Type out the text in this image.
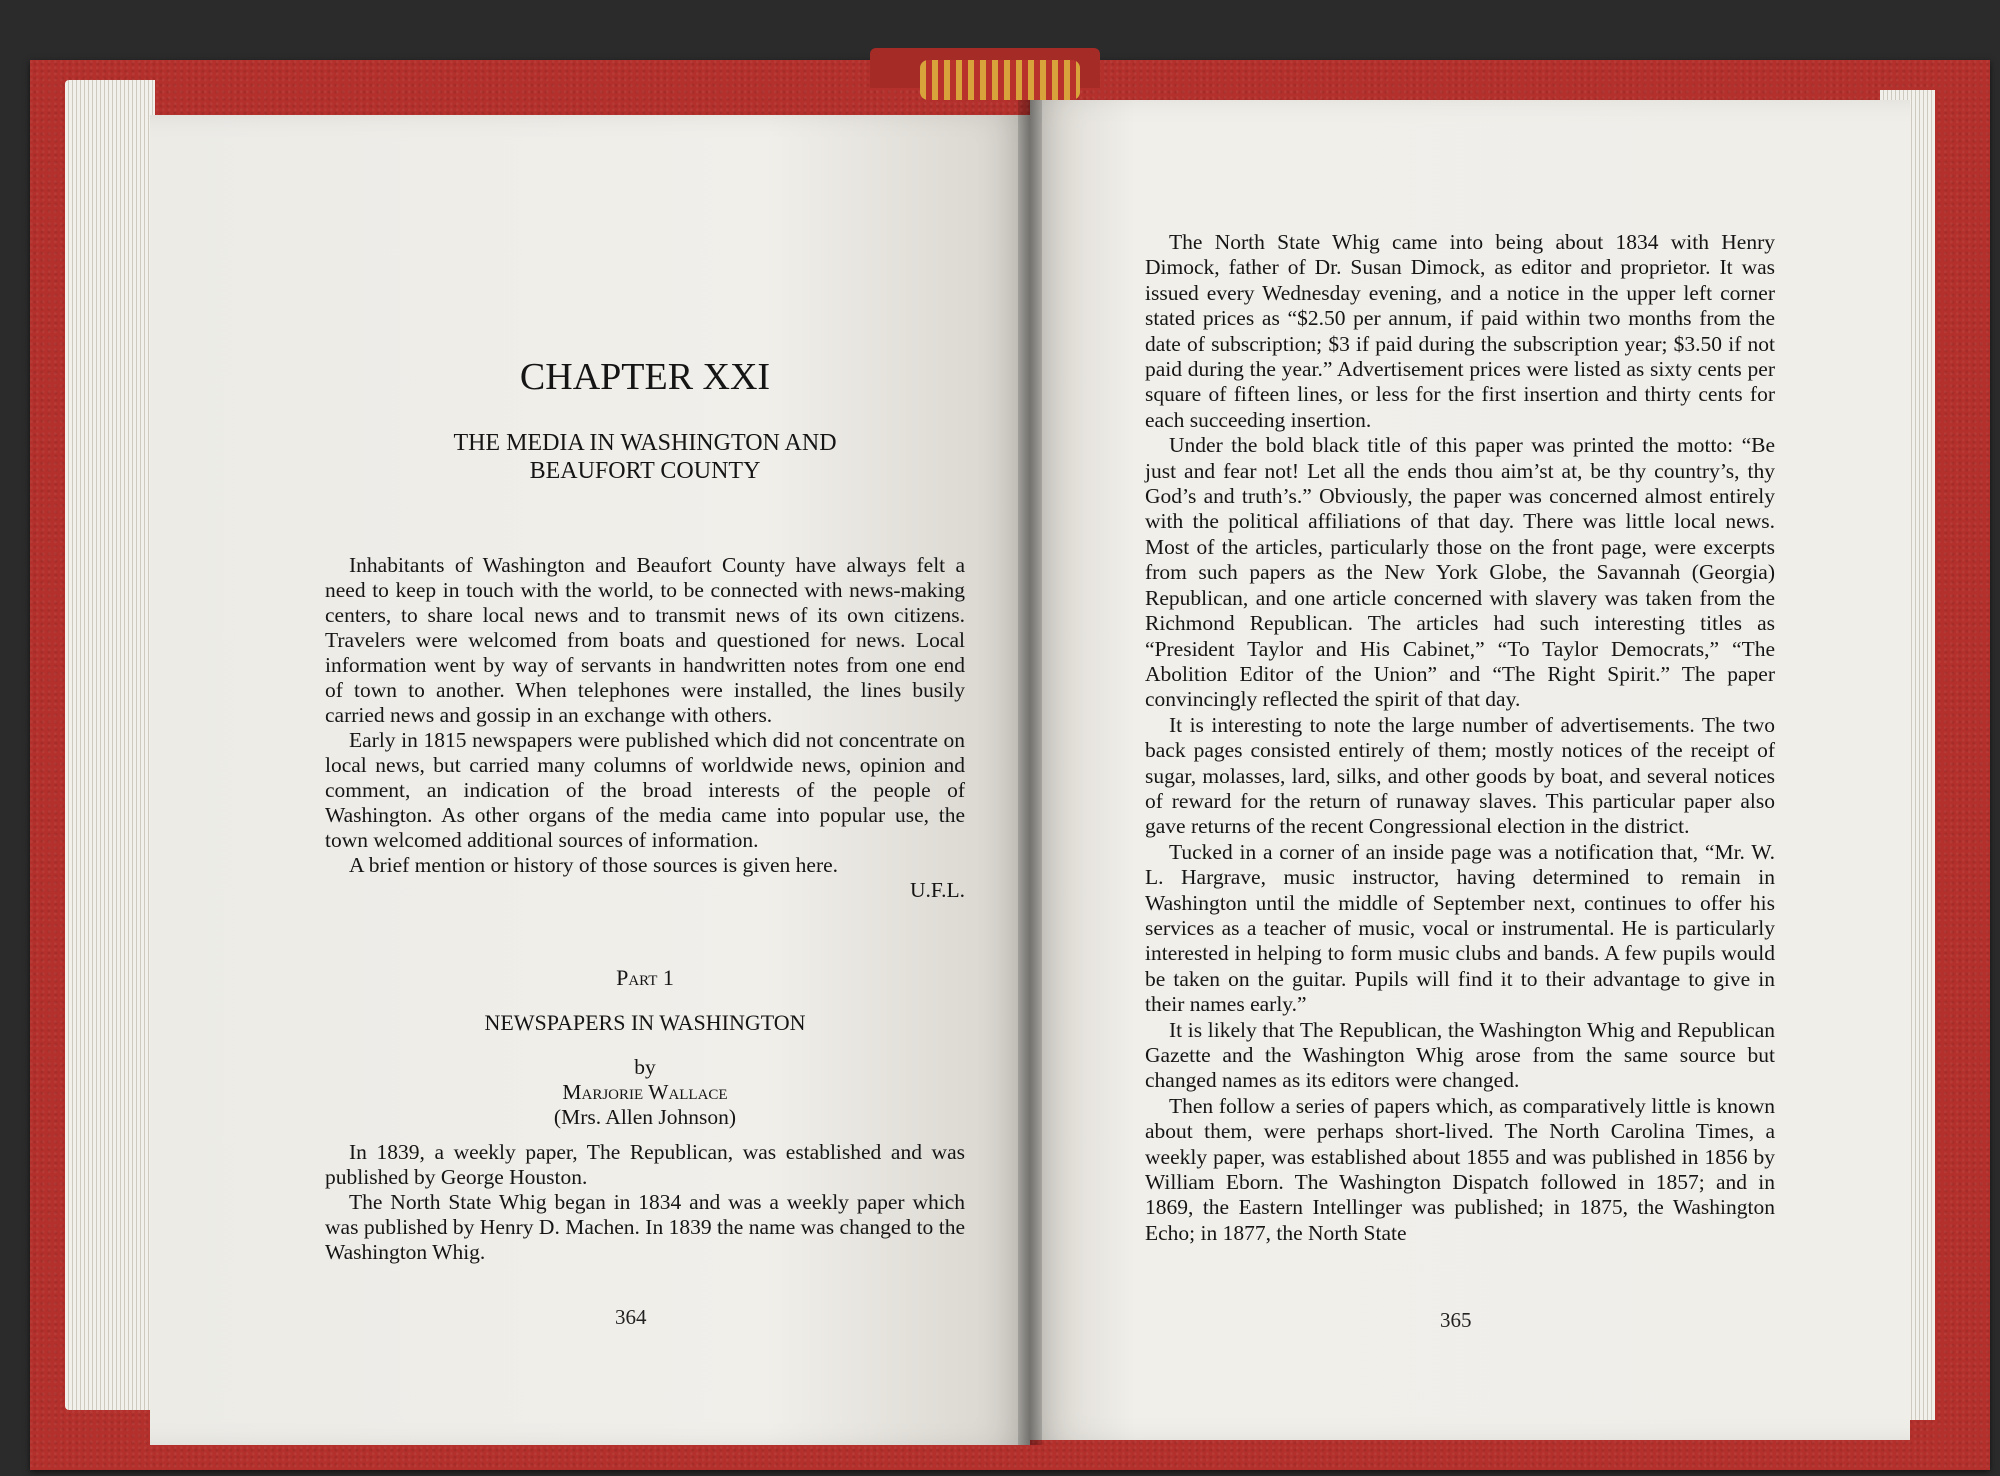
CHAPTER XXI
THE MEDIA IN WASHINGTON AND
BEAUFORT COUNTY

Inhabitants of Washington and Beaufort County have always felt a need to keep in touch with the world, to be connected with news-making centers, to share local news and to transmit news of its own citizens. Travelers were welcomed from boats and questioned for news. Local information went by way of servants in handwritten notes from one end of town to another. When telephones were installed, the lines busily carried news and gossip in an exchange with others.

Early in 1815 newspapers were published which did not concentrate on local news, but carried many columns of worldwide news, opinion and comment, an indication of the broad interests of the people of Washington. As other organs of the media came into popular use, the town welcomed additional sources of information.

A brief mention or history of those sources is given here.

U.F.L.
Part 1
NEWSPAPERS IN WASHINGTON
by
Marjorie Wallace
(Mrs. Allen Johnson)

In 1839, a weekly paper, The Republican, was established and was published by George Houston.

The North State Whig began in 1834 and was a weekly paper which was published by Henry D. Machen. In 1839 the name was changed to the Washington Whig.

364

The North State Whig came into being about 1834 with Henry Dimock, father of Dr. Susan Dimock, as editor and proprietor. It was issued every Wednesday evening, and a notice in the upper left corner stated prices as “$2.50 per annum, if paid within two months from the date of subscription; $3 if paid during the subscription year; $3.50 if not paid during the year.” Advertisement prices were listed as sixty cents per square of fifteen lines, or less for the first insertion and thirty cents for each succeeding insertion.

Under the bold black title of this paper was printed the motto: “Be just and fear not! Let all the ends thou aim’st at, be thy country’s, thy God’s and truth’s.” Obviously, the paper was concerned almost entirely with the political affiliations of that day. There was little local news. Most of the articles, particularly those on the front page, were excerpts from such papers as the New York Globe, the Savannah (Georgia) Republican, and one article concerned with slavery was taken from the Richmond Republican. The articles had such interesting titles as “President Taylor and His Cabinet,” “To Taylor Democrats,” “The Abolition Editor of the Union” and “The Right Spirit.” The paper convincingly reflected the spirit of that day.

It is interesting to note the large number of advertisements. The two back pages consisted entirely of them; mostly notices of the receipt of sugar, molasses, lard, silks, and other goods by boat, and several notices of reward for the return of runaway slaves. This particular paper also gave returns of the recent Congressional election in the district.

Tucked in a corner of an inside page was a notification that, “Mr. W. L. Hargrave, music instructor, having determined to remain in Washington until the middle of September next, continues to offer his services as a teacher of music, vocal or instrumental. He is particularly interested in helping to form music clubs and bands. A few pupils would be taken on the guitar. Pupils will find it to their advantage to give in their names early.”

It is likely that The Republican, the Washington Whig and Republican Gazette and the Washington Whig arose from the same source but changed names as its editors were changed.

Then follow a series of papers which, as comparatively little is known about them, were perhaps short-lived. The North Carolina Times, a weekly paper, was established about 1855 and was published in 1856 by William Eborn. The Washington Dispatch followed in 1857; and in 1869, the Eastern Intellinger was published; in 1875, the Washington Echo; in 1877, the North State

365
